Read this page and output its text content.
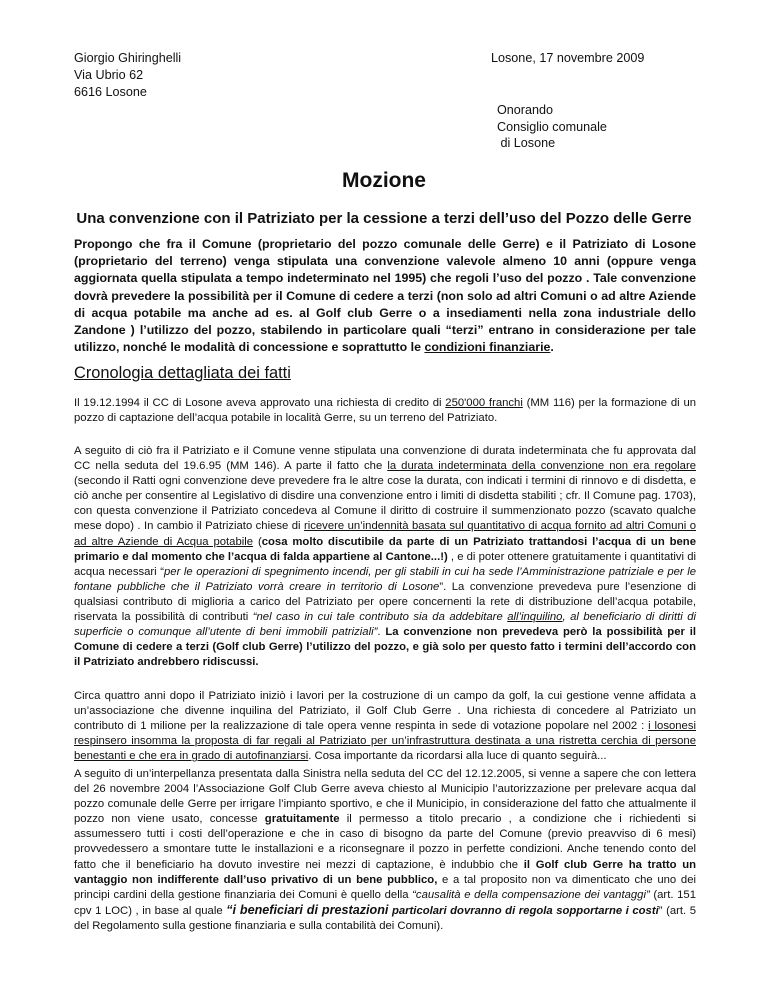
Giorgio Ghiringhelli
Via Ubrio 62
6616 Losone
Losone, 17 novembre 2009
Onorando
Consiglio comunale
di Losone
Mozione
Una convenzione con il Patriziato per la cessione a terzi dell’uso del Pozzo delle Gerre
Propongo che fra il Comune (proprietario del pozzo comunale delle Gerre) e il Patriziato di Losone (proprietario del terreno) venga stipulata una convenzione valevole almeno 10 anni (oppure venga aggiornata quella stipulata a tempo indeterminato nel 1995) che regoli l’uso del pozzo . Tale convenzione dovrà prevedere la possibilità per il Comune di cedere a terzi (non solo ad altri Comuni o ad altre Aziende di acqua potabile ma anche ad es. al Golf club Gerre o a insediamenti nella zona industriale dello Zandone ) l’utilizzo del pozzo, stabilendo in particolare quali “terzi” entrano in considerazione per tale utilizzo, nonché le modalità di concessione e soprattutto le condizioni finanziarie.
Cronologia dettagliata dei fatti

Il 19.12.1994 il CC di Losone aveva approvato una richiesta di credito di 250'000 franchi (MM 116) per la formazione di un pozzo di captazione dell’acqua potabile in località Gerre, su un terreno del Patriziato.

A seguito di ciò fra il Patriziato e il Comune venne stipulata una convenzione di durata indeterminata che fu approvata dal CC nella seduta del 19.6.95 (MM 146). A parte il fatto che la durata indeterminata della convenzione non era regolare (secondo il Ratti ogni convenzione deve prevedere fra le altre cose la durata, con indicati i termini di rinnovo e di disdetta, e ciò anche per consentire al Legislativo di disdire una convenzione entro i limiti di disdetta stabiliti ; cfr. Il Comune pag. 1703), con questa convenzione il Patriziato concedeva al Comune il diritto di costruire il summenzionato pozzo (scavato qualche mese dopo) . In cambio il Patriziato chiese di ricevere un’indennità basata sul quantitativo di acqua fornito ad altri Comuni o ad altre Aziende di Acqua potabile (cosa molto discutibile da parte di un Patriziato trattandosi l’acqua di un bene primario e dal momento che l’acqua di falda appartiene al Cantone...!) , e di poter ottenere gratuitamente i quantitativi di acqua necessari “per le operazioni di spegnimento incendi, per gli stabili in cui ha sede l’Amministrazione patriziale e per le fontane pubbliche che il Patriziato vorrà creare in territorio di Losone”. La convenzione prevedeva pure l’esenzione di qualsiasi contributo di miglioria a carico del Patriziato per opere concernenti la rete di distribuzione dell’acqua potabile, riservata la possibilità di contributi “nel caso in cui tale contributo sia da addebitare all’inquilino, al beneficiario di diritti di superficie o comunque all’utente di beni immobili patriziali”. La convenzione non prevedeva però la possibilità per il Comune di cedere a terzi (Golf club Gerre) l’utilizzo del pozzo, e già solo per questo fatto i termini dell’accordo con il Patriziato andrebbero ridiscussi.

Circa quattro anni dopo il Patriziato iniziò i lavori per la costruzione di un campo da golf, la cui gestione venne affidata a un’associazione che divenne inquilina del Patriziato, il Golf Club Gerre . Una richiesta di concedere al Patriziato un contributo di 1 milione per la realizzazione di tale opera venne respinta in sede di votazione popolare nel 2002 : i losonesi respinsero insomma la proposta di far regali al Patriziato per un’infrastruttura destinata a una ristretta cerchia di persone benestanti e che era in grado di autofinanziarsi. Cosa importante da ricordarsi alla luce di quanto seguirà...

A seguito di un’interpellanza presentata dalla Sinistra nella seduta del CC del 12.12.2005, si venne a sapere che con lettera del 26 novembre 2004 l’Associazione Golf Club Gerre aveva chiesto al Municipio l’autorizzazione per prelevare acqua dal pozzo comunale delle Gerre per irrigare l’impianto sportivo, e che il Municipio, in considerazione del fatto che attualmente il pozzo non viene usato, concesse gratuitamente il permesso a titolo precario , a condizione che i richiedenti si assumessero tutti i costi dell’operazione e che in caso di bisogno da parte del Comune (previo preavviso di 6 mesi) provvedessero a smontare tutte le installazioni e a riconsegnare il pozzo in perfette condizioni. Anche tenendo conto del fatto che il beneficiario ha dovuto investire nei mezzi di captazione, è indubbio che il Golf club Gerre ha tratto un vantaggio non indifferente dall’uso privativo di un bene pubblico, e a tal proposito non va dimenticato che uno dei principi cardini della gestione finanziaria dei Comuni è quello della “causalità e della compensazione dei vantaggi” (art. 151 cpv 1 LOC) , in base al quale “i beneficiari di prestazioni particolari dovranno di regola sopportarne i costi” (art. 5 del Regolamento sulla gestione finanziaria e sulla contabilità dei Comuni).
